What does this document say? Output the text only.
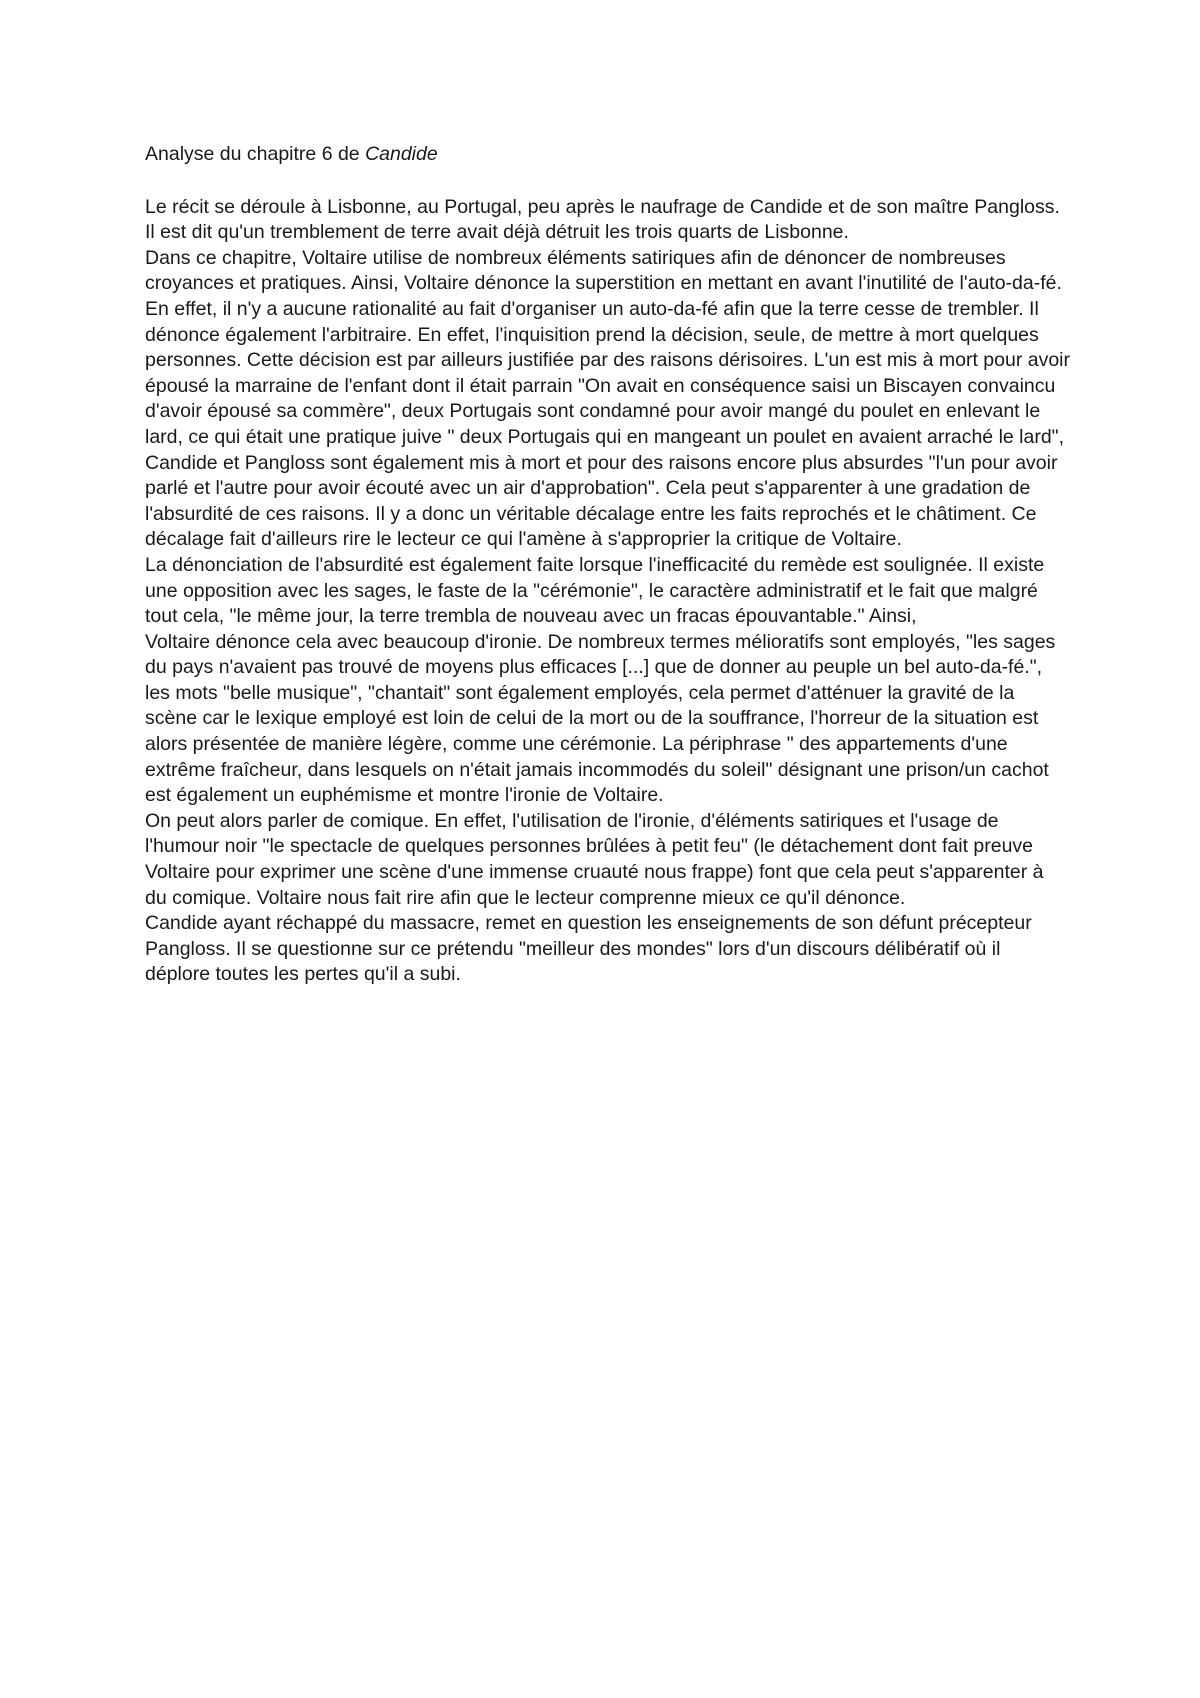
Analyse du chapitre 6 de Candide

Le récit se déroule à Lisbonne, au Portugal, peu après le naufrage de Candide et de son maître Pangloss. Il est dit qu'un tremblement de terre avait déjà détruit les trois quarts de Lisbonne.

Dans ce chapitre, Voltaire utilise de nombreux éléments satiriques afin de dénoncer de nombreuses croyances et pratiques. Ainsi, Voltaire dénonce la superstition en mettant en avant l'inutilité de l'auto-da-fé. En effet, il n'y a aucune rationalité au fait d'organiser un auto-da-fé afin que la terre cesse de trembler. Il dénonce également l'arbitraire. En effet, l'inquisition prend la décision, seule, de mettre à mort quelques personnes. Cette décision est par ailleurs justifiée par des raisons dérisoires. L'un est mis à mort pour avoir épousé la marraine de l'enfant dont il était parrain "On avait en conséquence saisi un Biscayen convaincu d'avoir épousé sa commère", deux Portugais sont condamné pour avoir mangé du poulet en enlevant le lard, ce qui était une pratique juive " deux Portugais qui en mangeant un poulet en avaient arraché le lard", Candide et Pangloss sont également mis à mort et pour des raisons encore plus absurdes "l'un pour avoir parlé et l'autre pour avoir écouté avec un air d'approbation". Cela peut s'apparenter à une gradation de l'absurdité de ces raisons. Il y a donc un véritable décalage entre les faits reprochés et le châtiment. Ce décalage fait d'ailleurs rire le lecteur ce qui l'amène à s'approprier la critique de Voltaire.

La dénonciation de l'absurdité est également faite lorsque l'inefficacité du remède est soulignée. Il existe une opposition avec les sages, le faste de la "cérémonie", le caractère administratif et le fait que malgré tout cela, "le même jour, la terre trembla de nouveau avec un fracas épouvantable." Ainsi,

Voltaire dénonce cela avec beaucoup d'ironie. De nombreux termes mélioratifs sont employés, "les sages du pays n'avaient pas trouvé de moyens plus efficaces [...] que de donner au peuple un bel auto-da-fé.", les mots "belle musique", "chantait" sont également employés, cela permet d'atténuer la gravité de la scène car le lexique employé est loin de celui de la mort ou de la souffrance, l'horreur de la situation est alors présentée de manière légère, comme une cérémonie. La périphrase " des appartements d'une extrême fraîcheur, dans lesquels on n'était jamais incommodés du soleil" désignant une prison/un cachot est également un euphémisme et montre l'ironie de Voltaire.

On peut alors parler de comique. En effet, l'utilisation de l'ironie, d'éléments satiriques et l'usage de l'humour noir "le spectacle de quelques personnes brûlées à petit feu" (le détachement dont fait preuve Voltaire pour exprimer une scène d'une immense cruauté nous frappe) font que cela peut s'apparenter à du comique. Voltaire nous fait rire afin que le lecteur comprenne mieux ce qu'il dénonce.

Candide ayant réchappé du massacre, remet en question les enseignements de son défunt précepteur Pangloss. Il se questionne sur ce prétendu "meilleur des mondes" lors d'un discours délibératif où il déplore toutes les pertes qu'il a subi.
